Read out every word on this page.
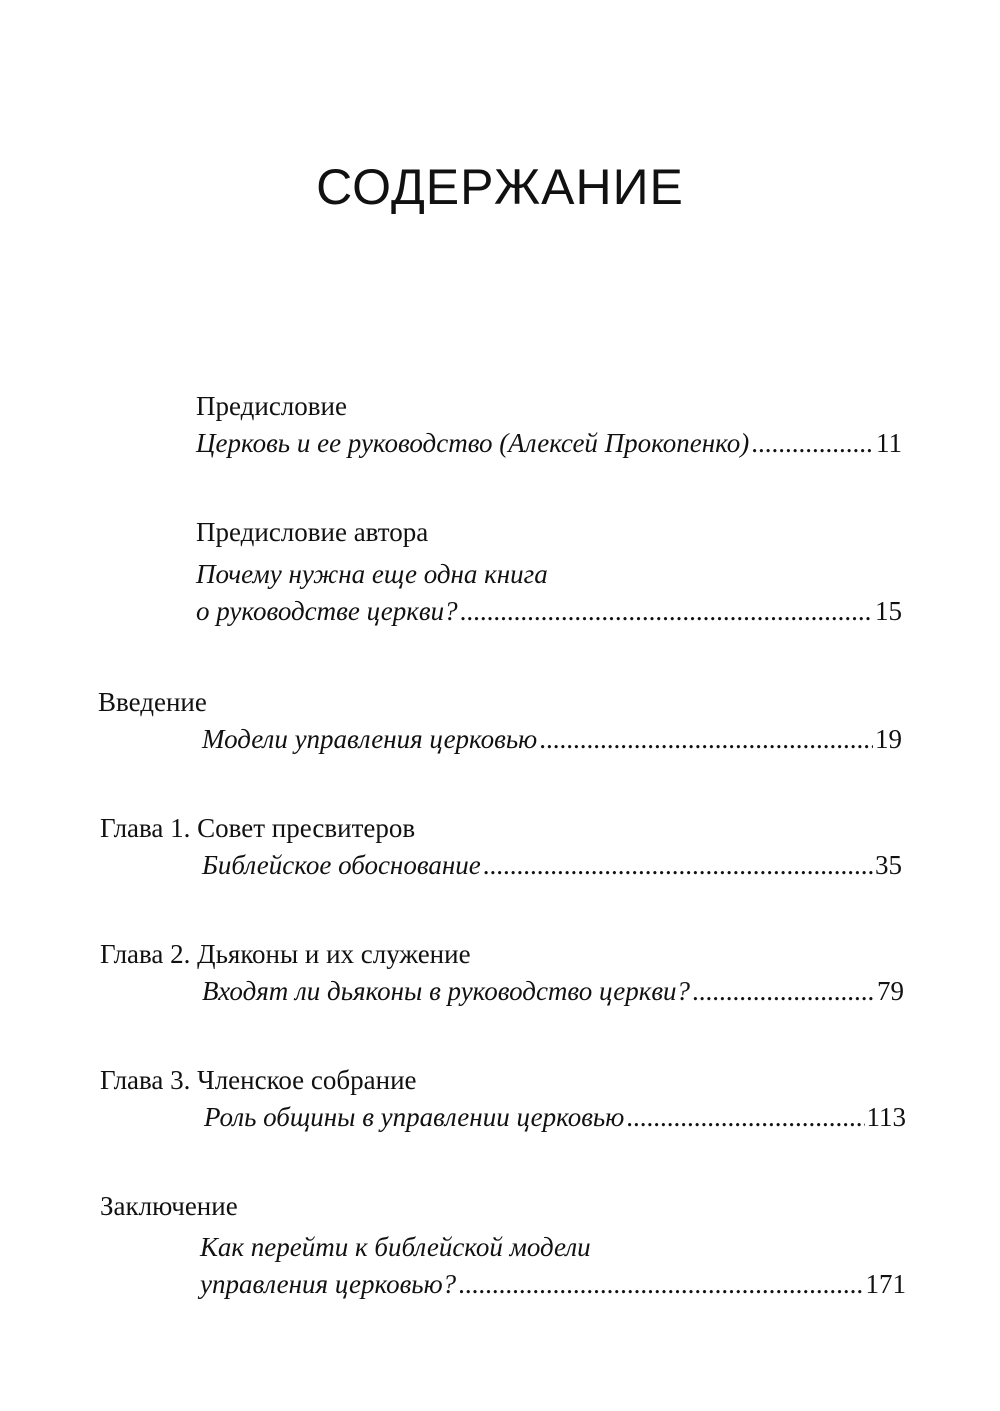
СОДЕРЖАНИЕ
Предисловие
Церковь и ее руководство (Алексей Прокопенко) .....	11
Предисловие автора
Почему нужна еще одна книга
о руководстве церкви? .....	15
Введение
Модели управления церковью .....	19
Глава 1. Совет пресвитеров
Библейское обоснование .....	35
Глава 2. Дьяконы и их служение
Входят ли дьяконы в руководство церкви? .....	79
Глава 3. Членское собрание
Роль общины в управлении церковью .....	113
Заключение
Как перейти к библейской модели
управления церковью? .....	171
